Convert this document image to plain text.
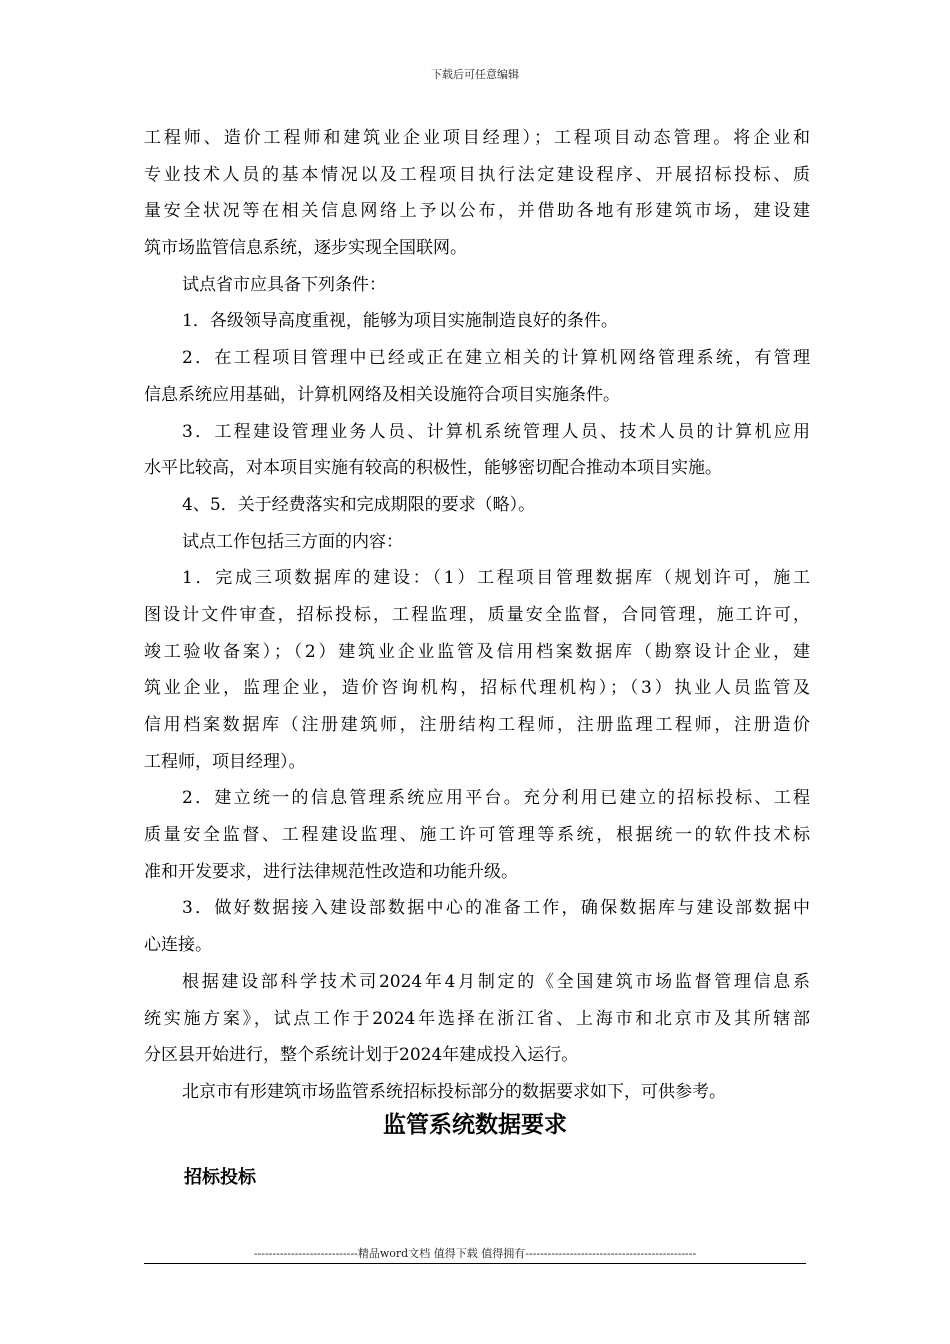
下载后可任意编辑
工程师、造价工程师和建筑业企业项目经理）；工程项目动态管理。将企业和
专业技术人员的基本情况以及工程项目执行法定建设程序、开展招标投标、质
量安全状况等在相关信息网络上予以公布，并借助各地有形建筑市场，建设建
筑市场监管信息系统，逐步实现全国联网。
试点省市应具备下列条件：
1．各级领导高度重视，能够为项目实施制造良好的条件。
2．在工程项目管理中已经或正在建立相关的计算机网络管理系统，有管理
信息系统应用基础，计算机网络及相关设施符合项目实施条件。
3．工程建设管理业务人员、计算机系统管理人员、技术人员的计算机应用
水平比较高，对本项目实施有较高的积极性，能够密切配合推动本项目实施。
4、5．关于经费落实和完成期限的要求（略）。
试点工作包括三方面的内容：
1．完成三项数据库的建设：（1）工程项目管理数据库（规划许可，施工
图设计文件审查，招标投标，工程监理，质量安全监督，合同管理，施工许可，
竣工验收备案）；（2）建筑业企业监管及信用档案数据库（勘察设计企业，建
筑业企业，监理企业，造价咨询机构，招标代理机构）；（3）执业人员监管及
信用档案数据库（注册建筑师，注册结构工程师，注册监理工程师，注册造价
工程师，项目经理）。
2．建立统一的信息管理系统应用平台。充分利用已建立的招标投标、工程
质量安全监督、工程建设监理、施工许可管理等系统，根据统一的软件技术标
准和开发要求，进行法律规范性改造和功能升级。
3．做好数据接入建设部数据中心的准备工作，确保数据库与建设部数据中
心连接。
根据建设部科学技术司2024年4月制定的《全国建筑市场监督管理信息系
统实施方案》，试点工作于2024年选择在浙江省、上海市和北京市及其所辖部
分区县开始进行，整个系统计划于2024年建成投入运行。
北京市有形建筑市场监管系统招标投标部分的数据要求如下，可供参考。
监管系统数据要求
招标投标
----------------------------精品word文档 值得下载 值得拥有----------------------------------------------
